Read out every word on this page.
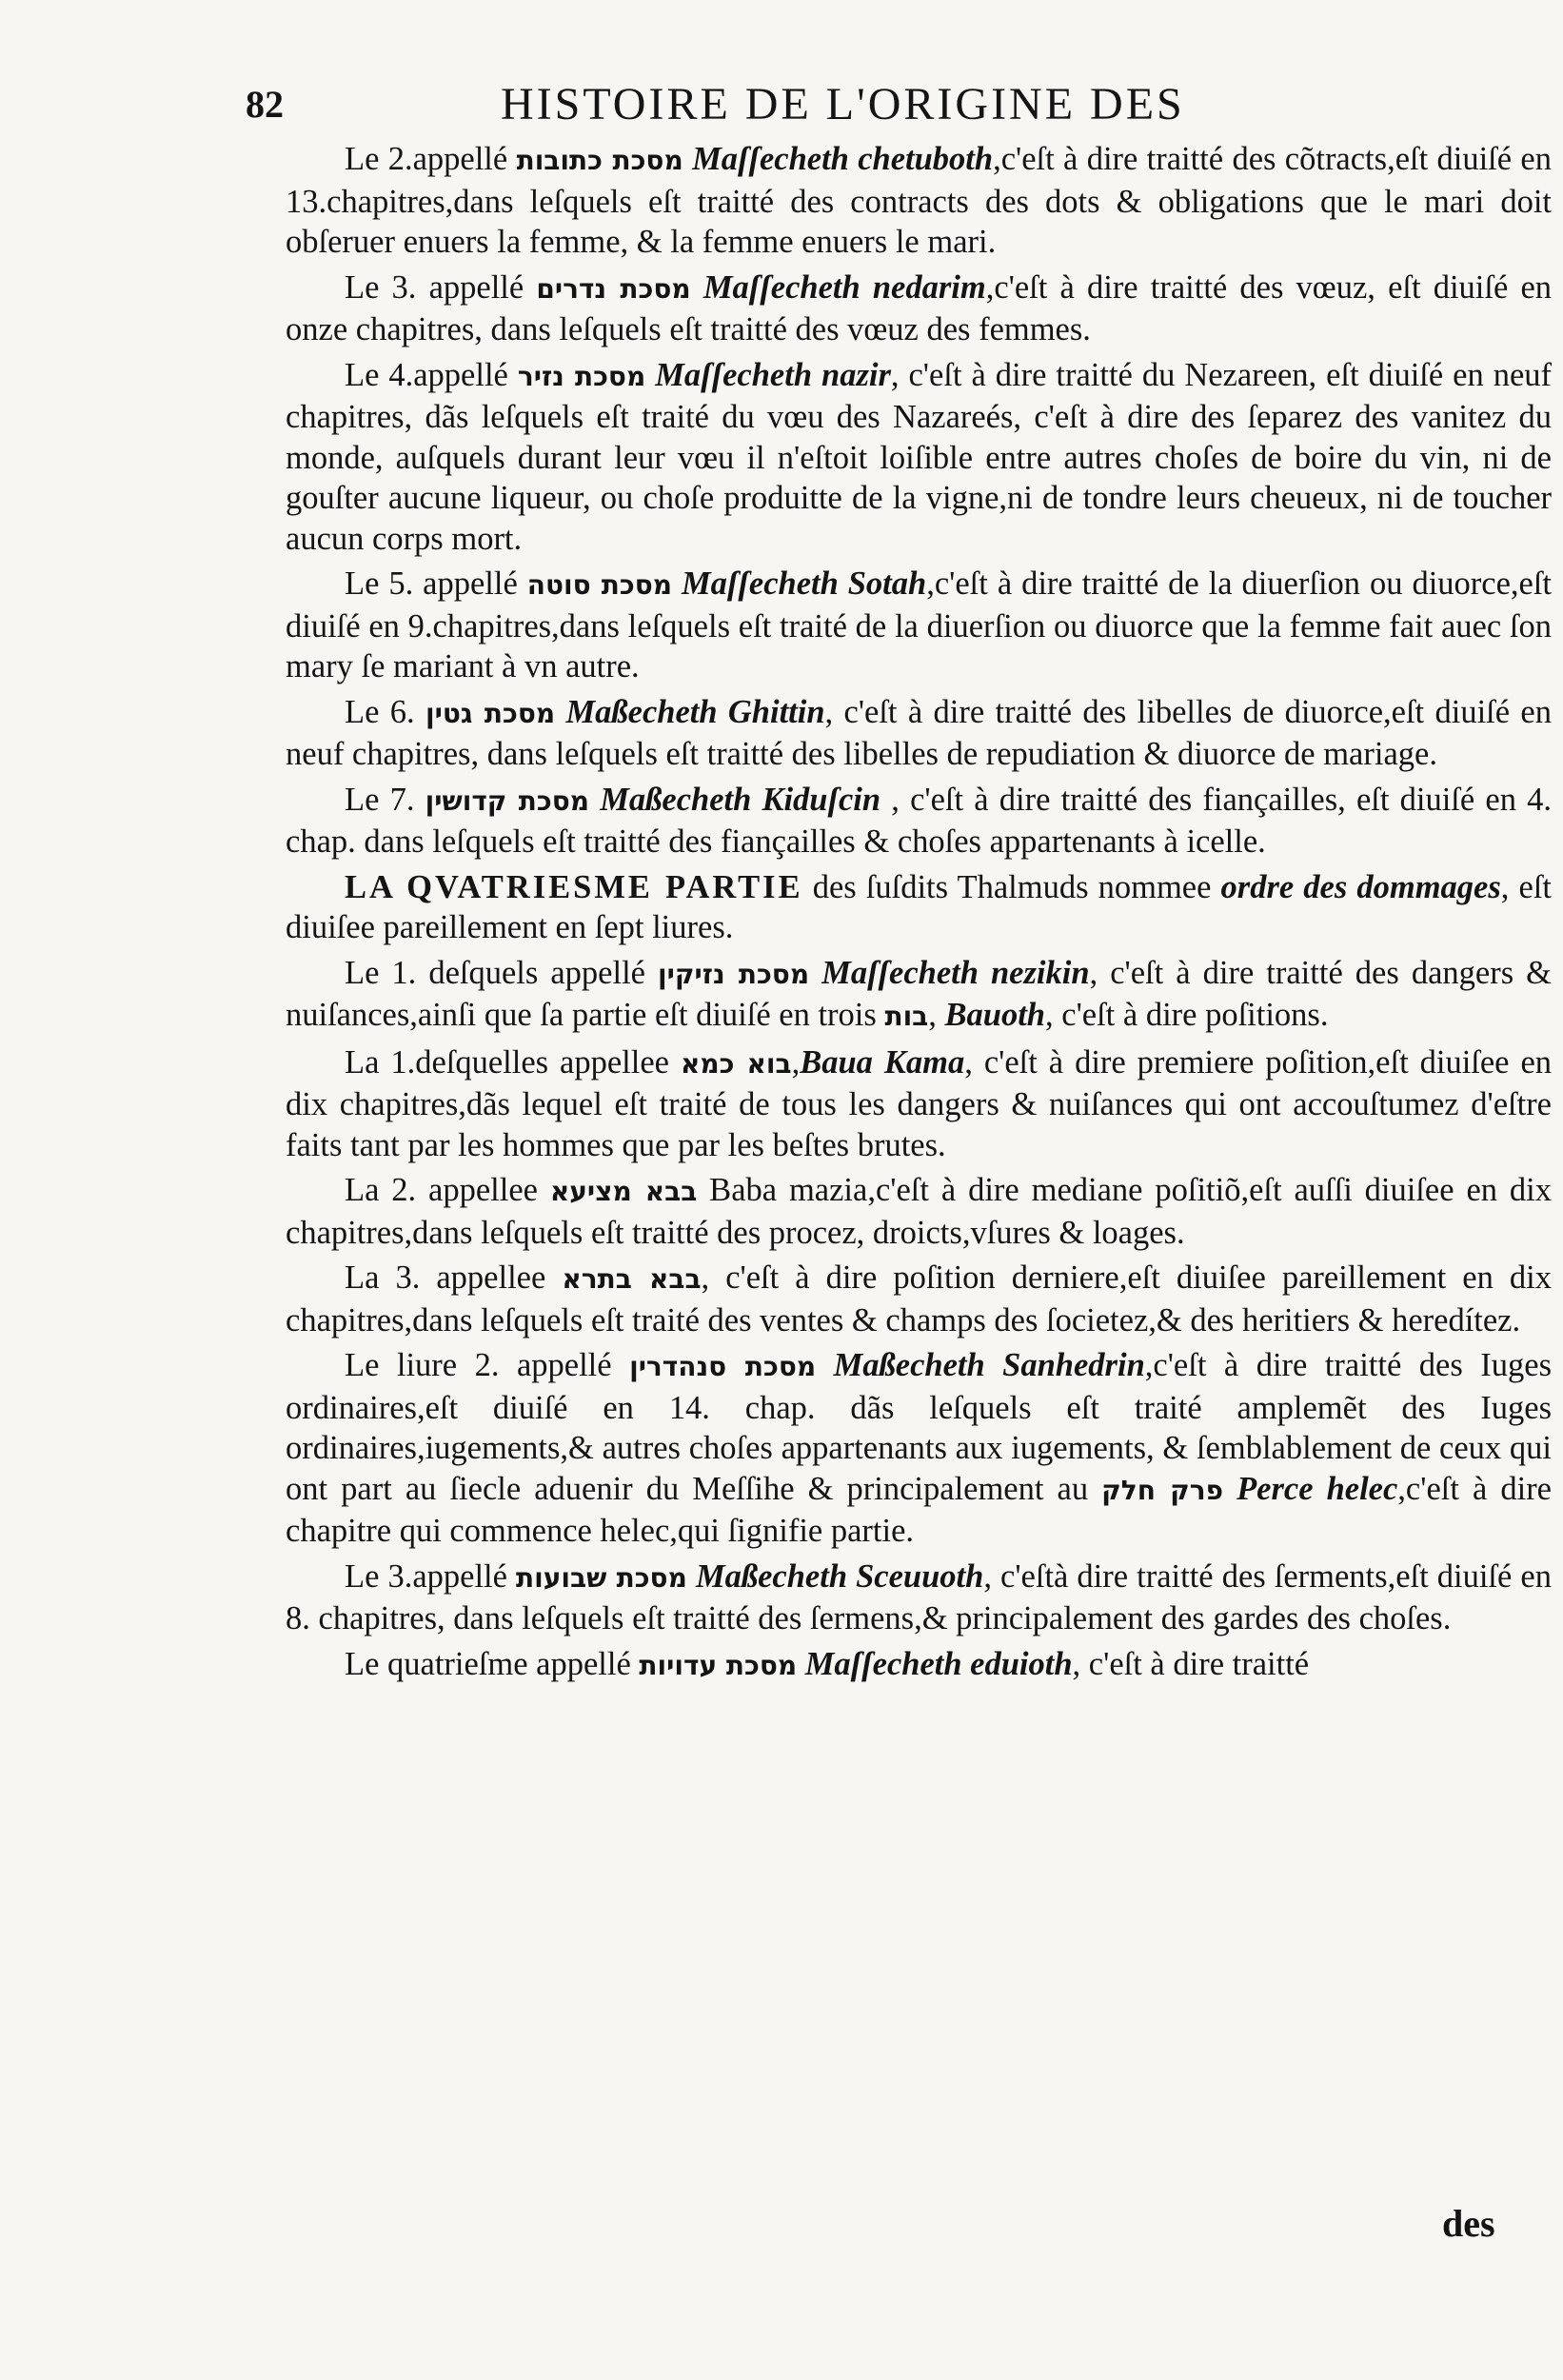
82	HISTOIRE DE L'ORIGINE DES

Le 2.appellé מסכת כתובות Maſſecheth chetuboth,c'eſt à dire traitté des cõtracts,eſt diuiſé en 13.chapitres,dans leſquels eſt traitté des contracts des dots & obligations que le mari doit obſeruer enuers la femme, & la femme enuers le mari.

Le 3. appellé מסכת נדרים Maſſecheth nedarim,c'eſt à dire traitté des vœuz, eſt diuiſé en onze chapitres, dans leſquels eſt traitté des vœuz des femmes.

Le 4.appellé מסכת נזיר Maſſecheth nazir, c'eſt à dire traitté du Nezareen, eſt diuiſé en neuf chapitres, dãs leſquels eſt traité du vœu des Nazareés, c'eſt à dire des ſeparez des vanitez du monde, auſquels durant leur vœu il n'eſtoit loiſible entre autres choſes de boire du vin, ni de gouſter aucune liqueur, ou choſe produitte de la vigne,ni de tondre leurs cheueux, ni de toucher aucun corps mort.

Le 5. appellé מסכת סוטה Maſſecheth Sotah,c'eſt à dire traitté de la diuerſion ou diuorce,eſt diuiſé en 9.chapitres,dans leſquels eſt traité de la diuerſion ou diuorce que la femme fait auec ſon mary ſe mariant à vn autre.

Le 6. מסכת גטין Maßecheth Ghittin, c'eſt à dire traitté des libelles de diuorce,eſt diuiſé en neuf chapitres, dans leſquels eſt traitté des libelles de repudiation & diuorce de mariage.

Le 7. מסכת קדושין Maßecheth Kiduſcin , c'eſt à dire traitté des fiançailles, eſt diuiſé en 4. chap. dans leſquels eſt traitté des fiançailles & choſes appartenants à icelle.

LA QVATRIESME PARTIE des ſuſdits Thalmuds nommee ordre des dommages, eſt diuiſee pareillement en ſept liures.

Le 1. deſquels appellé מסכת נזיקין Maſſecheth nezikin, c'eſt à dire traitté des dangers & nuiſances,ainſi que ſa partie eſt diuiſé en trois בות, Bauoth, c'eſt à dire poſitions.

La 1.deſquelles appellee בוא כמא,Baua Kama, c'eſt à dire premiere poſition,eſt diuiſee en dix chapitres,dãs lequel eſt traité de tous les dangers & nuiſances qui ont accouſtumez d'eſtre faits tant par les hommes que par les beſtes brutes.

La 2. appellee בבא מציעא Baba mazia,c'eſt à dire mediane poſitiõ,eſt auſſi diuiſee en dix chapitres,dans leſquels eſt traitté des procez, droicts,vſures & loages.

La 3. appellee בבא בתרא, c'eſt à dire poſition derniere,eſt diuiſee pareillement en dix chapitres,dans leſquels eſt traité des ventes & champs des ſocietez,& des heritiers & heredítez.

Le liure 2. appellé מסכת סנהדרין Maßecheth Sanhedrin,c'eſt à dire traitté des Iuges ordinaires,eſt diuiſé en 14. chap. dãs leſquels eſt traité amplemẽt des Iuges ordinaires,iugements,& autres choſes appartenants aux iugements, & ſemblablement de ceux qui ont part au ſiecle aduenir du Meſſihe & principalement au פרק חלק Perce helec,c'eſt à dire chapitre qui commence helec,qui ſignifie partie.

Le 3.appellé מסכת שבועות Maßecheth Sceuuoth, c'eſtà dire traitté des ſerments,eſt diuiſé en 8. chapitres, dans leſquels eſt traitté des ſermens,& principalement des gardes des choſes.

Le quatrieſme appellé מסכת עדויות Maſſecheth eduioth, c'eſt à dire traitté

des
